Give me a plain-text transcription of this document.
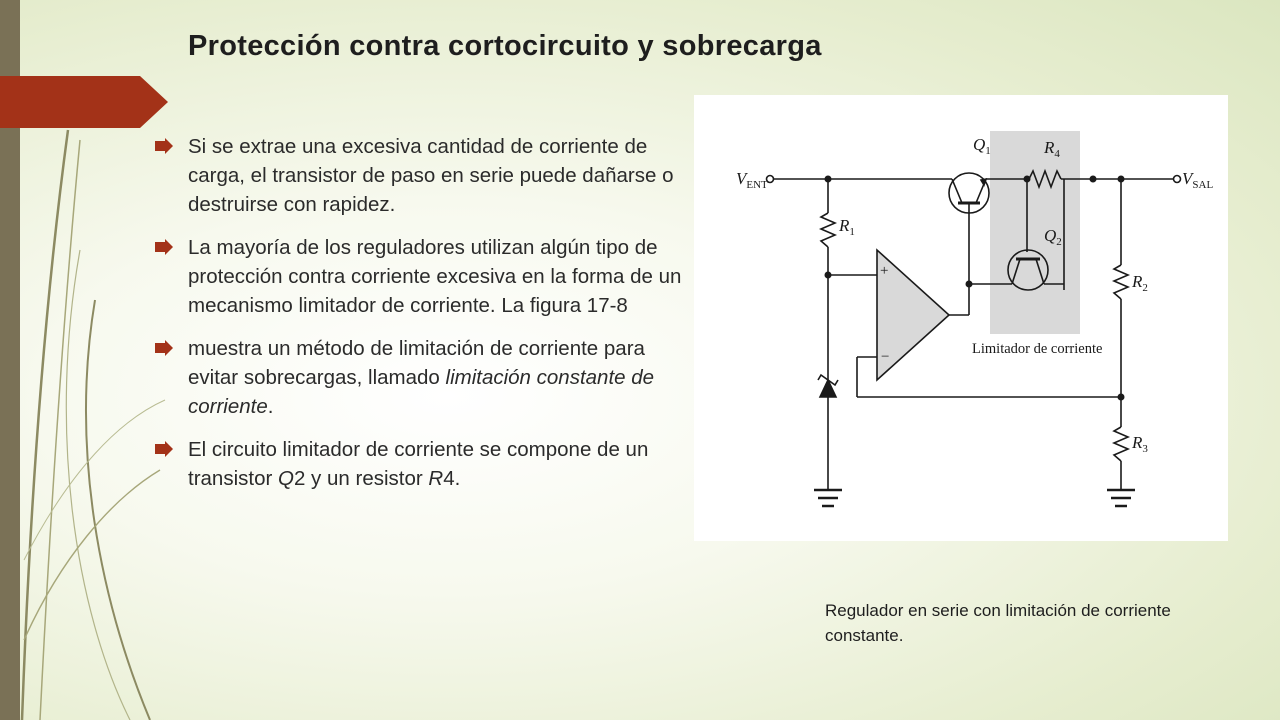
Protección contra cortocircuito y sobrecarga
Si se extrae una excesiva cantidad de corriente de carga, el transistor de paso en serie puede dañarse o destruirse con rapidez.
La mayoría de los reguladores utilizan algún tipo de protección contra corriente excesiva en la forma de un mecanismo limitador de corriente. La figura 17-8
muestra un método de limitación de corriente para evitar sobrecargas, llamado limitación constante de corriente.
El circuito limitador de corriente se compone de un transistor Q2 y un resistor R4.
$V_{ENT}$	$V_{SAL}$
$Q_1$
$Q_2$
$R_4$
$R_1$
$R_2$
$R_3$
+
−	Limitador de corriente
Regulador en serie con limitación de corriente constante.
